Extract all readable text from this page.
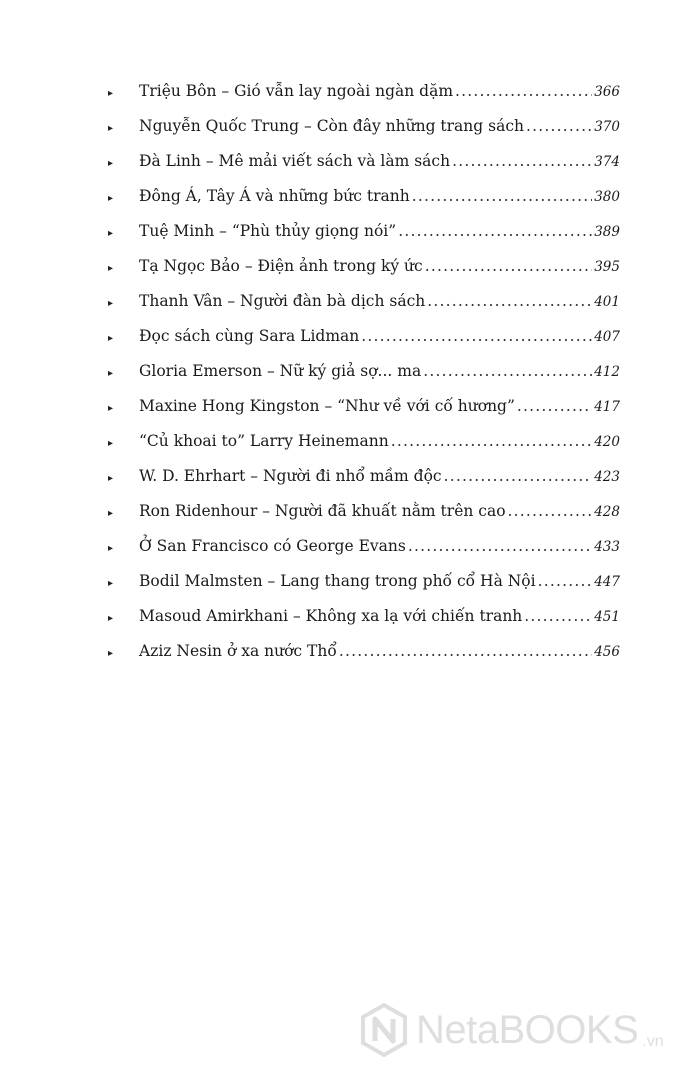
▸	Triệu Bôn – Gió vẫn lay ngoài ngàn dặm .....	366
▸	Nguyễn Quốc Trung – Còn đây những trang sách .....	370
▸	Đà Linh – Mê mải viết sách và làm sách .....	374
▸	Đông Á, Tây Á và những bức tranh .....	380
▸	Tuệ Minh – “Phù thủy giọng nói” .....	389
▸	Tạ Ngọc Bảo – Điện ảnh trong ký ức .....	395
▸	Thanh Vân – Người đàn bà dịch sách .....	401
▸	Đọc sách cùng Sara Lidman .....	407
▸	Gloria Emerson – Nữ ký giả sợ... ma .....	412
▸	Maxine Hong Kingston – “Như về với cố hương” .....	417
▸	“Củ khoai to” Larry Heinemann .....	420
▸	W. D. Ehrhart – Người đi nhổ mầm độc .....	423
▸	Ron Ridenhour – Người đã khuất nằm trên cao .....	428
▸	Ở San Francisco có George Evans .....	433
▸	Bodil Malmsten – Lang thang trong phố cổ Hà Nội .....	447
▸	Masoud Amirkhani – Không xa lạ với chiến tranh .....	451
▸	Aziz Nesin ở xa nước Thổ .....	456
NetaBOOKS .vn
